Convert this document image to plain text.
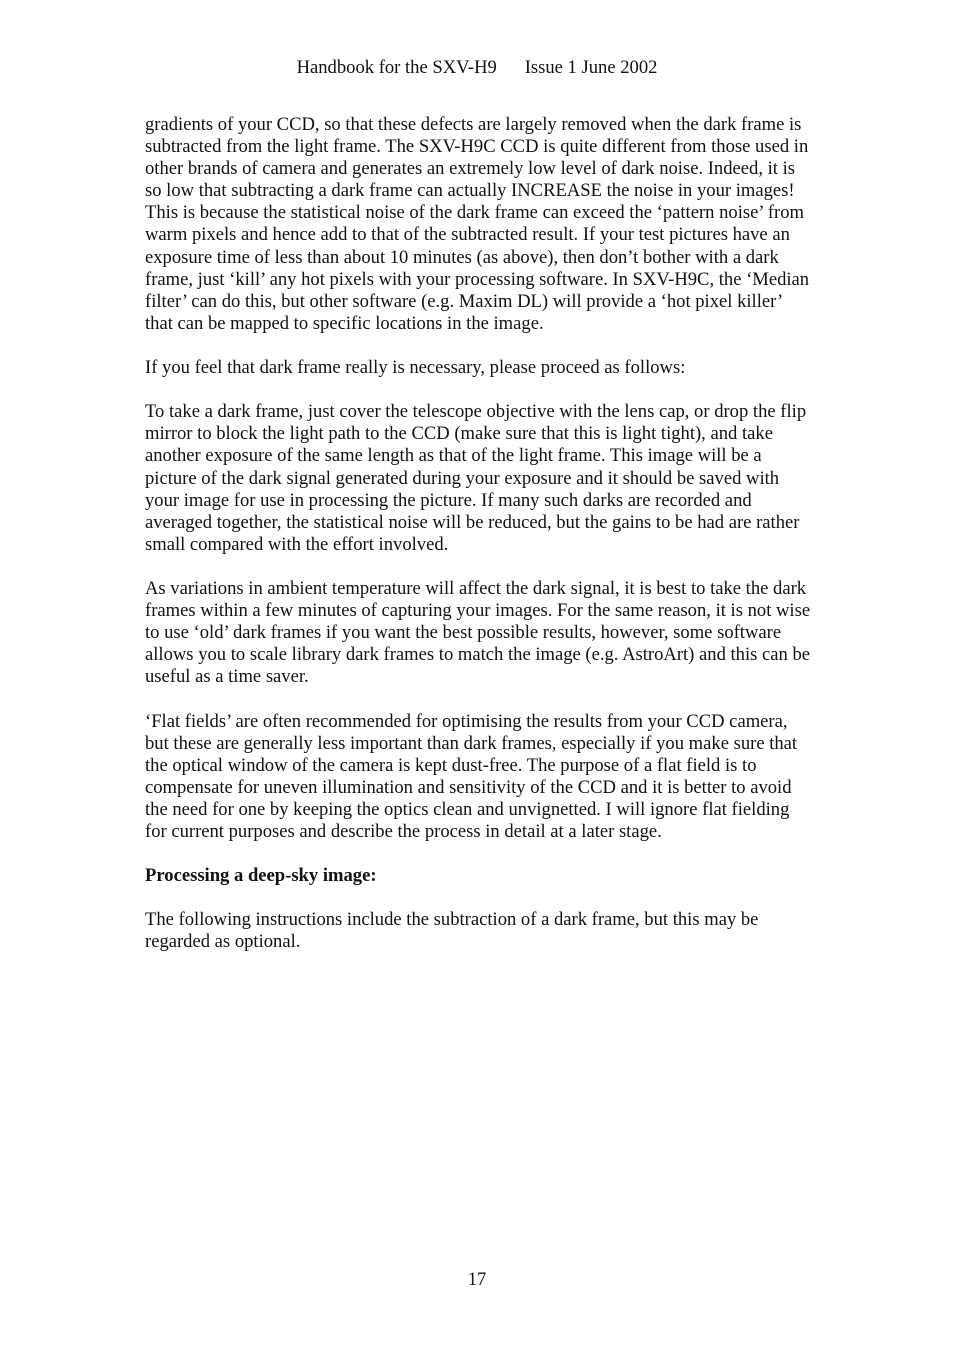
Handbook for the SXV-H9 Issue 1 June 2002

gradients of your CCD, so that these defects are largely removed when the dark frame is subtracted from the light frame. The SXV-H9C CCD is quite different from those used in other brands of camera and generates an extremely low level of dark noise. Indeed, it is so low that subtracting a dark frame can actually INCREASE the noise in your images! This is because the statistical noise of the dark frame can exceed the ‘pattern noise’ from warm pixels and hence add to that of the subtracted result. If your test pictures have an exposure time of less than about 10 minutes (as above), then don’t bother with a dark frame, just ‘kill’ any hot pixels with your processing software. In SXV-H9C, the ‘Median filter’ can do this, but other software (e.g. Maxim DL) will provide a ‘hot pixel killer’ that can be mapped to specific locations in the image.

If you feel that dark frame really is necessary, please proceed as follows:

To take a dark frame, just cover the telescope objective with the lens cap, or drop the flip mirror to block the light path to the CCD (make sure that this is light tight), and take another exposure of the same length as that of the light frame. This image will be a picture of the dark signal generated during your exposure and it should be saved with your image for use in processing the picture. If many such darks are recorded and averaged together, the statistical noise will be reduced, but the gains to be had are rather small compared with the effort involved.

As variations in ambient temperature will affect the dark signal, it is best to take the dark frames within a few minutes of capturing your images. For the same reason, it is not wise to use ‘old’ dark frames if you want the best possible results, however, some software allows you to scale library dark frames to match the image (e.g. AstroArt) and this can be useful as a time saver.

‘Flat fields’ are often recommended for optimising the results from your CCD camera, but these are generally less important than dark frames, especially if you make sure that the optical window of the camera is kept dust-free. The purpose of a flat field is to compensate for uneven illumination and sensitivity of the CCD and it is better to avoid the need for one by keeping the optics clean and unvignetted. I will ignore flat fielding for current purposes and describe the process in detail at a later stage.

Processing a deep-sky image:

The following instructions include the subtraction of a dark frame, but this may be regarded as optional.

17
